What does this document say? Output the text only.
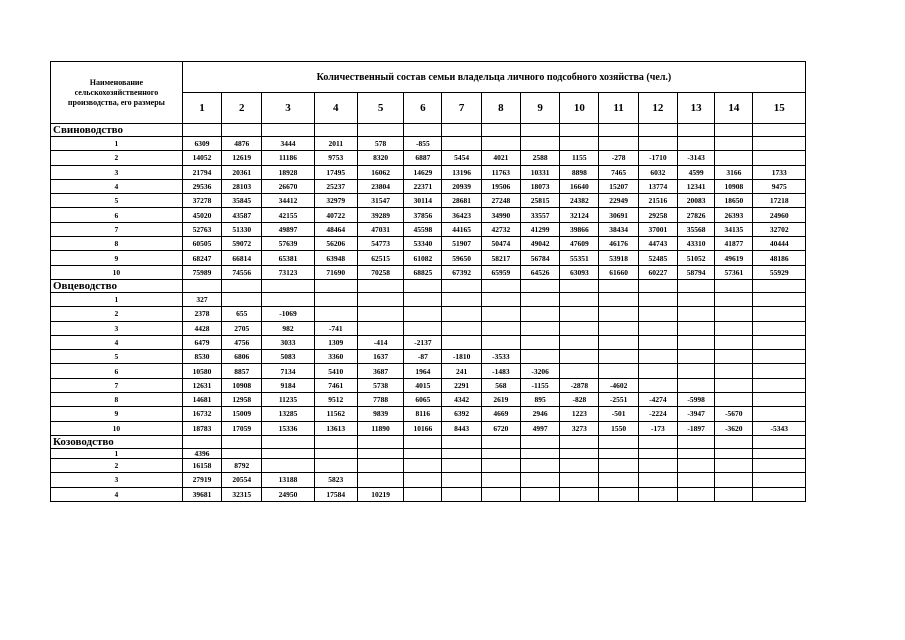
Наименование сельскохозяйственного производства, его размеры	Количественный состав семьи владельца личного подсобного хозяйства (чел.)														
	1	2	3	4	5	6	7	8	9	10	11	12	13	14	15
Свиноводство															
1	6309	4876	3444	2011	578	-855									
2	14052	12619	11186	9753	8320	6887	5454	4021	2588	1155	-278	-1710	-3143		
3	21794	20361	18928	17495	16062	14629	13196	11763	10331	8898	7465	6032	4599	3166	1733
4	29536	28103	26670	25237	23804	22371	20939	19506	18073	16640	15207	13774	12341	10908	9475
5	37278	35845	34412	32979	31547	30114	28681	27248	25815	24382	22949	21516	20083	18650	17218
6	45020	43587	42155	40722	39289	37856	36423	34990	33557	32124	30691	29258	27826	26393	24960
7	52763	51330	49897	48464	47031	45598	44165	42732	41299	39866	38434	37001	35568	34135	32702
8	60505	59072	57639	56206	54773	53340	51907	50474	49042	47609	46176	44743	43310	41877	40444
9	68247	66814	65381	63948	62515	61082	59650	58217	56784	55351	53918	52485	51052	49619	48186
10	75989	74556	73123	71690	70258	68825	67392	65959	64526	63093	61660	60227	58794	57361	55929
Овцеводство															
1	327														
2	2378	655	-1069												
3	4428	2705	982	-741											
4	6479	4756	3033	1309	-414	-2137									
5	8530	6806	5083	3360	1637	-87	-1810	-3533							
6	10580	8857	7134	5410	3687	1964	241	-1483	-3206						
7	12631	10908	9184	7461	5738	4015	2291	568	-1155	-2878	-4602				
8	14681	12958	11235	9512	7788	6065	4342	2619	895	-828	-2551	-4274	-5998		
9	16732	15009	13285	11562	9839	8116	6392	4669	2946	1223	-501	-2224	-3947	-5670	
10	18783	17059	15336	13613	11890	10166	8443	6720	4997	3273	1550	-173	-1897	-3620	-5343
Козоводство															
1	4396														
2	16158	8792													
3	27919	20554	13188	5823											
4	39681	32315	24950	17584	10219										
